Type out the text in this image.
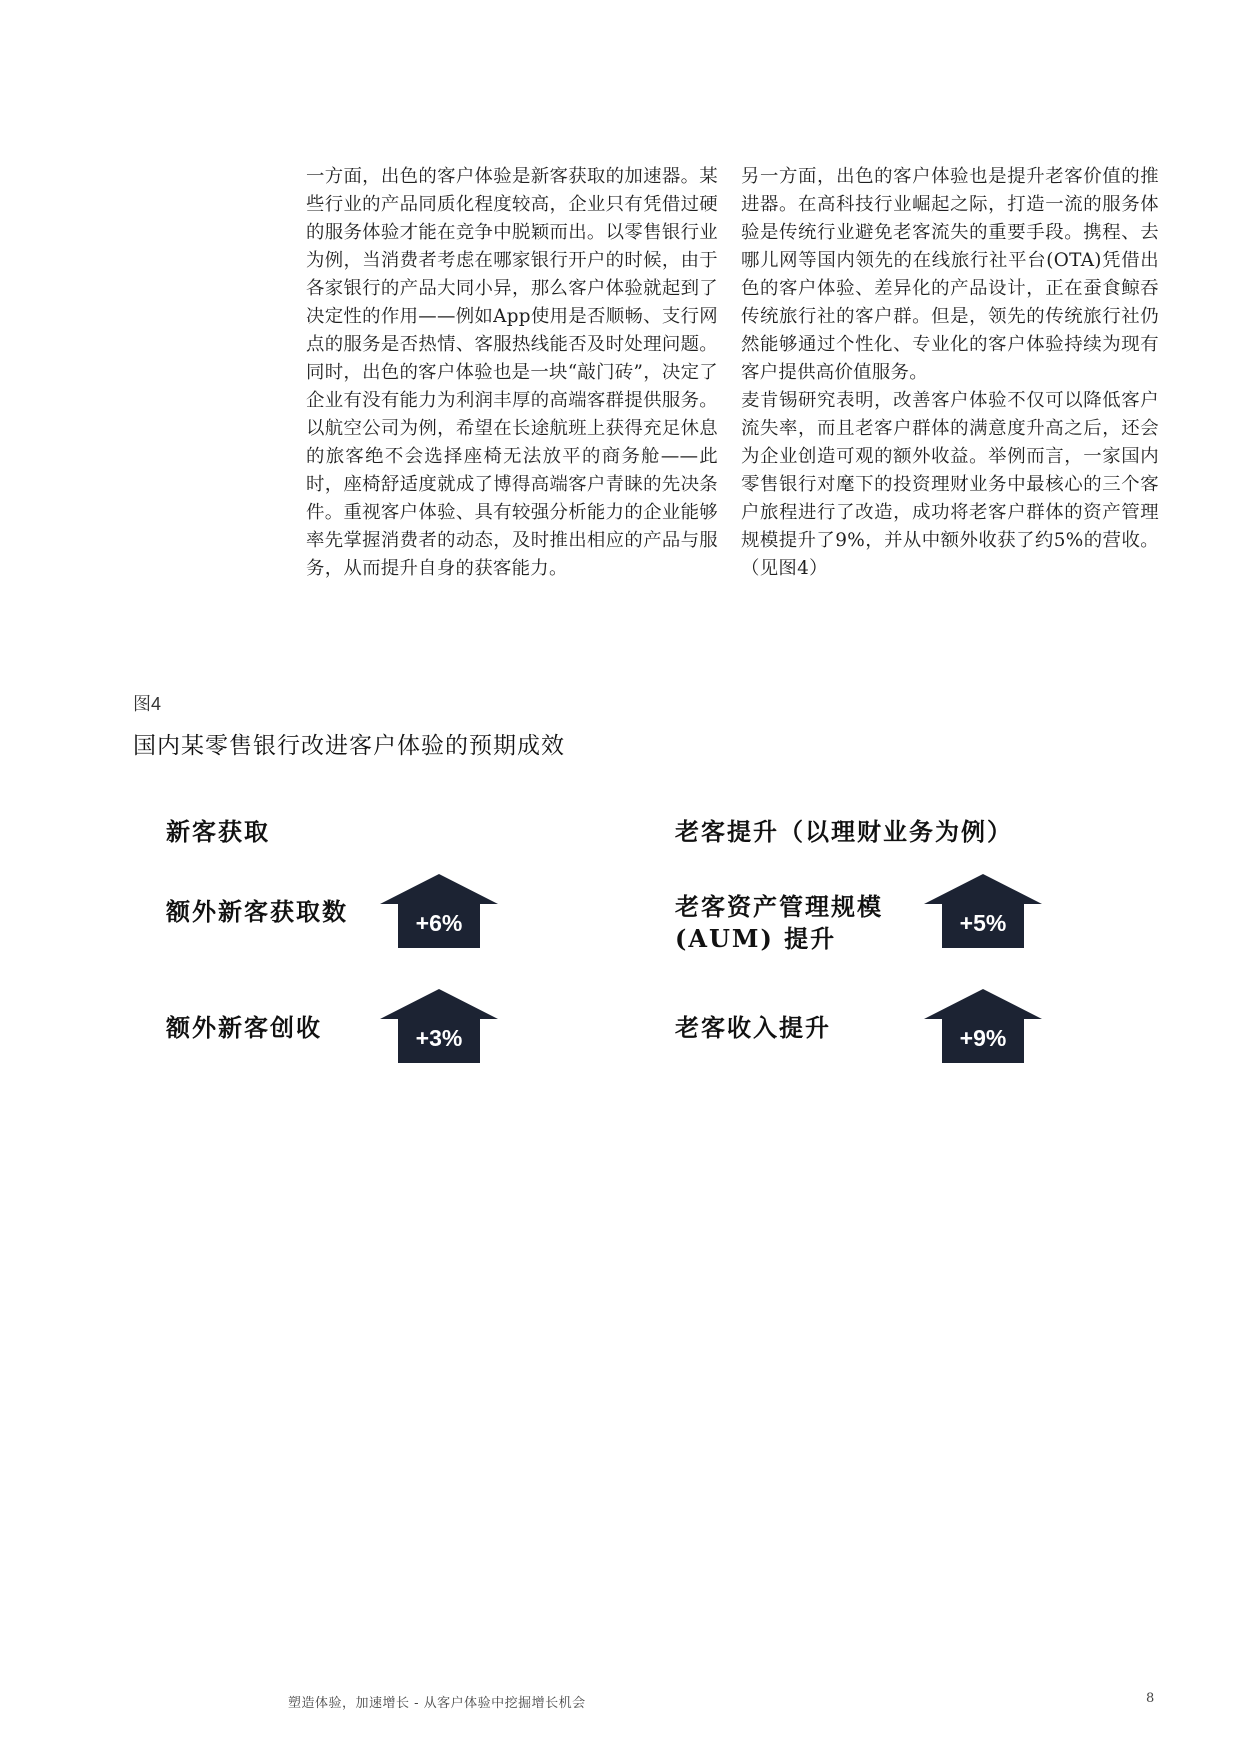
一方面，出色的客户体验是新客获取的加速器。某些行业的产品同质化程度较高，企业只有凭借过硬的服务体验才能在竞争中脱颖而出。以零售银行业为例，当消费者考虑在哪家银行开户的时候，由于各家银行的产品大同小异，那么客户体验就起到了决定性的作用——例如App使用是否顺畅、支行网点的服务是否热情、客服热线能否及时处理问题。同时，出色的客户体验也是一块“敲门砖”，决定了企业有没有能力为利润丰厚的高端客群提供服务。以航空公司为例，希望在长途航班上获得充足休息的旅客绝不会选择座椅无法放平的商务舱——此时，座椅舒适度就成了博得高端客户青睐的先决条件。重视客户体验、具有较强分析能力的企业能够率先掌握消费者的动态，及时推出相应的产品与服务，从而提升自身的获客能力。

另一方面，出色的客户体验也是提升老客价值的推进器。在高科技行业崛起之际，打造一流的服务体验是传统行业避免老客流失的重要手段。携程、去哪儿网等国内领先的在线旅行社平台(OTA)凭借出色的客户体验、差异化的产品设计，正在蚕食鲸吞传统旅行社的客户群。但是，领先的传统旅行社仍然能够通过个性化、专业化的客户体验持续为现有客户提供高价值服务。

麦肯锡研究表明，改善客户体验不仅可以降低客户流失率，而且老客户群体的满意度升高之后，还会为企业创造可观的额外收益。举例而言，一家国内零售银行对麾下的投资理财业务中最核心的三个客户旅程进行了改造，成功将老客户群体的资产管理规模提升了9%，并从中额外收获了约5%的营收。（见图4）

图4
国内某零售银行改进客户体验的预期成效
新客获取	老客提升（以理财业务为例）
额外新客获取数	+6%
额外新客创收	+3%
老客资产管理规模
(AUM) 提升
+5%
老客收入提升	+9%
塑造体验，加速增长 - 从客户体验中挖掘增长机会	8
